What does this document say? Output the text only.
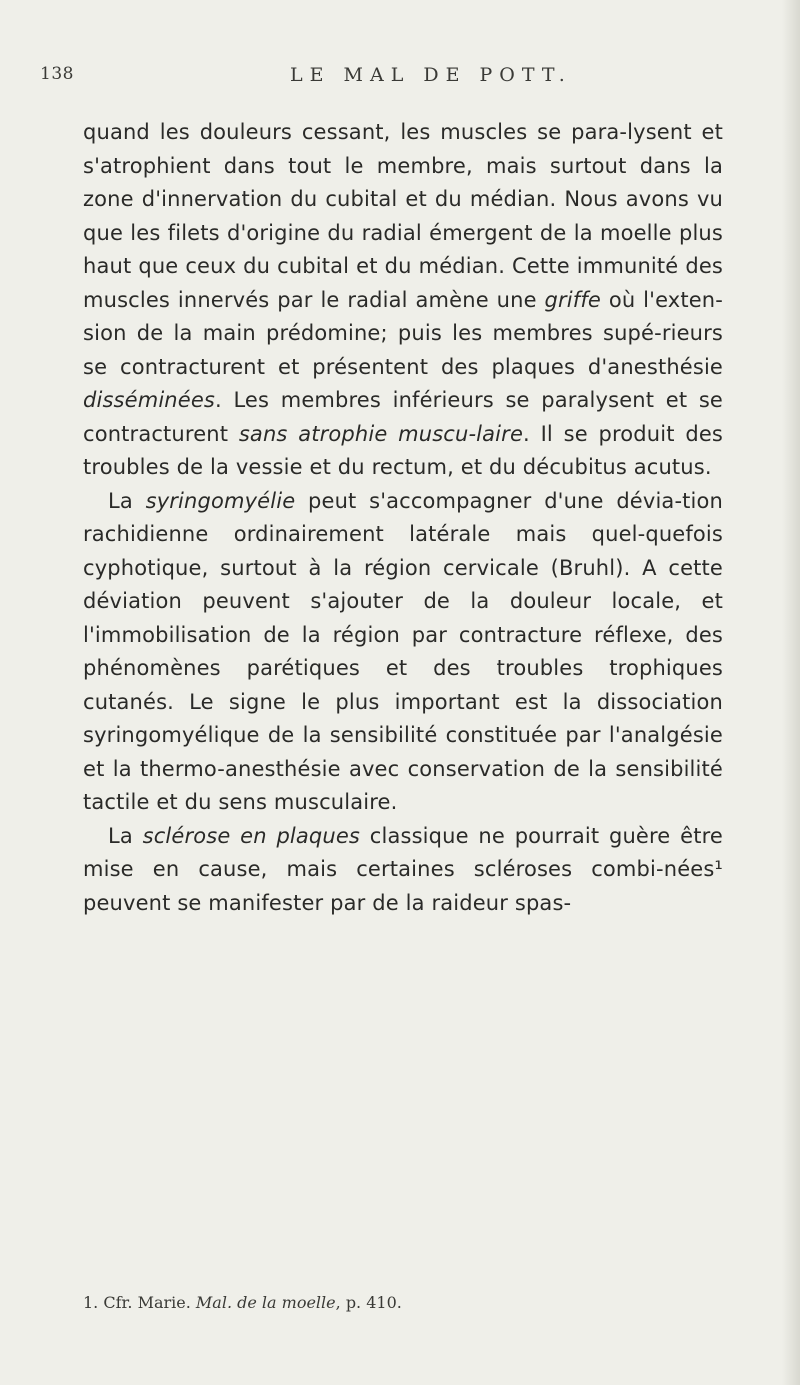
138	LE MAL DE POTT.

quand les douleurs cessant, les muscles se para-lysent et s'atrophient dans tout le membre, mais surtout dans la zone d'innervation du cubital et du médian. Nous avons vu que les filets d'origine du radial émergent de la moelle plus haut que ceux du cubital et du médian. Cette immunité des muscles innervés par le radial amène une griffe où l'exten-sion de la main prédomine; puis les membres supé-rieurs se contracturent et présentent des plaques d'anesthésie disséminées. Les membres inférieurs se paralysent et se contracturent sans atrophie muscu-laire. Il se produit des troubles de la vessie et du rectum, et du décubitus acutus.

La syringomyélie peut s'accompagner d'une dévia-tion rachidienne ordinairement latérale mais quel-quefois cyphotique, surtout à la région cervicale (Bruhl). A cette déviation peuvent s'ajouter de la douleur locale, et l'immobilisation de la région par contracture réflexe, des phénomènes parétiques et des troubles trophiques cutanés. Le signe le plus important est la dissociation syringomyélique de la sensibilité constituée par l'analgésie et la thermo-anesthésie avec conservation de la sensibilité tactile et du sens musculaire.

La sclérose en plaques classique ne pourrait guère être mise en cause, mais certaines scléroses combi-nées¹ peuvent se manifester par de la raideur spas-

1. Cfr. Marie. Mal. de la moelle, p. 410.
